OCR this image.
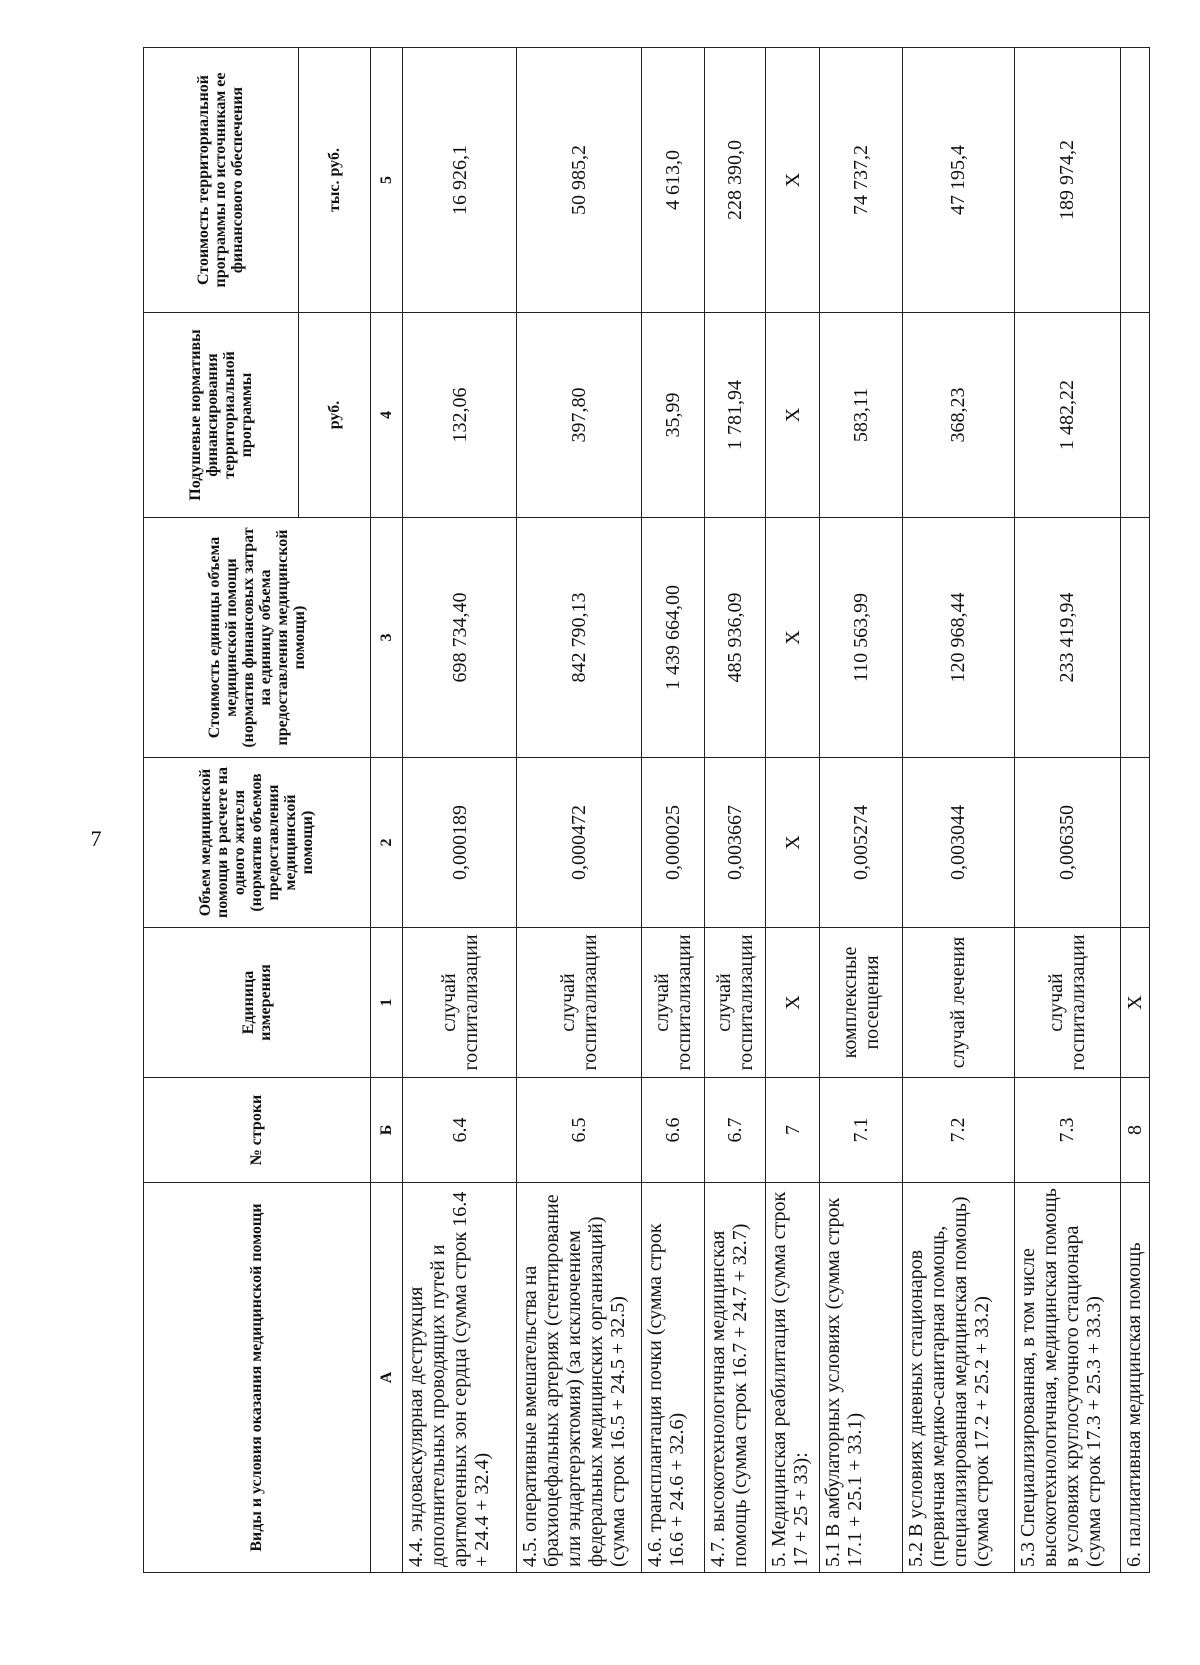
7
Виды и условия оказания медицинской помощи	№ строки	Единица измерения	Объем медицинской помощи в расчете на одного жителя (норматив объемов предоставления медицинской помощи)	Стоимость единицы объема медицинской помощи (норматив финансовых затрат на единицу объема предоставления медицинской помощи)	Подушевые нормативы финансирования территориальной программы	Стоимость территориальной программы по источникам ее финансового обеспечения
					руб.	тыс. руб.
А	Б	1	2	3	4	5
4.4. эндоваскулярная деструкция дополнительных проводящих путей и аритмогенных зон сердца (сумма строк 16.4 + 24.4 + 32.4)	6.4	случай госпитализации	0,000189	698 734,40	132,06	16 926,1
4.5. оперативные вмешательства на брахиоцефальных артериях (стентирование или эндартерэктомия) (за исключением федеральных медицинских организаций) (сумма строк 16.5 + 24.5 + 32.5)	6.5	случай госпитализации	0,000472	842 790,13	397,80	50 985,2
4.6. трансплантация почки (сумма строк 16.6 + 24.6 + 32.6)	6.6	случай госпитализации	0,000025	1 439 664,00	35,99	4 613,0
4.7. высокотехнологичная медицинская помощь (сумма строк 16.7 + 24.7 + 32.7)	6.7	случай госпитализации	0,003667	485 936,09	1 781,94	228 390,0
5. Медицинская реабилитация (сумма строк 17 + 25 + 33):	7	X	X	X	X	X
5.1 В амбулаторных условиях (сумма строк 17.1 + 25.1 + 33.1)	7.1	комплексные посещения	0,005274	110 563,99	583,11	74 737,2
5.2 В условиях дневных стационаров (первичная медико-санитарная помощь, специализированная медицинская помощь) (сумма строк 17.2 + 25.2 + 33.2)	7.2	случай лечения	0,003044	120 968,44	368,23	47 195,4
5.3 Специализированная, в том числе высокотехнологичная, медицинская помощь в условиях круглосуточного стационара (сумма строк 17.3 + 25.3 + 33.3)	7.3	случай госпитализации	0,006350	233 419,94	1 482,22	189 974,2
6. паллиативная медицинская помощь	8	X				
